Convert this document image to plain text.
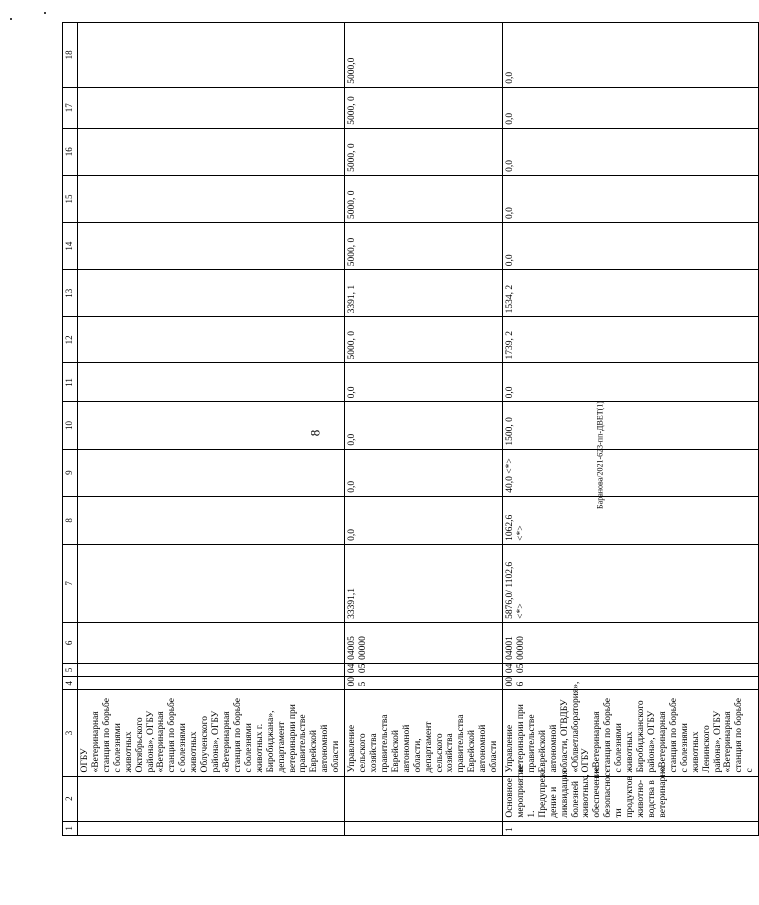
8	Баранова/2021-623-пп-ДВЕТ(1)
1	2	3	4	5	6	7	8	9	10	11	12	13	14	15	16	17	18
		ОГБУ «Ветеринарная станция по борьбе с болезнями животных Октябрьского района», ОГБУ «Ветеринарная станция по борьбе с болезнями животных Облученского района», ОГБУ «Ветеринарная станция по борьбе с болезнями животных г. Биробиджана», департамент ветеринарии при правительстве Еврейской автономной области															
		Управление сельского хозяйства правительства Еврейской автономной области, департамент сельского хозяйства правительства Еврейской автономной области	00 5	04 05	04005 00000	33391,1	0,0	0,0	0,0	0,0	5000, 0	3391, 1	5000, 0	5000, 0	5000, 0	5000, 0	5000,0
1	Основное мероприятие 1. Предупреж-дение и ликвидация болезней животных, обеспечение безопаснос-ти продуктов животно-водства в ветеринарно	Управление ветеринарии при правительстве Еврейской автономной области, ОГВДБУ «Облветлаборатория», ОГБУ «Ветеринарная станция по борьбе с болезнями животных Биробиджанского района», ОГБУ «Ветеринарная станция по борьбе с болезнями животных Ленинского района», ОГБУ «Ветеринарная станция по борьбе с	00 6	04 05	04001 00000	5876,0/ 1102,6 <*>	1062,6 <*>	40,0 <*>	1500, 0	0,0	1739, 2	1534, 2	0,0	0,0	0,0	0,0	0,0
